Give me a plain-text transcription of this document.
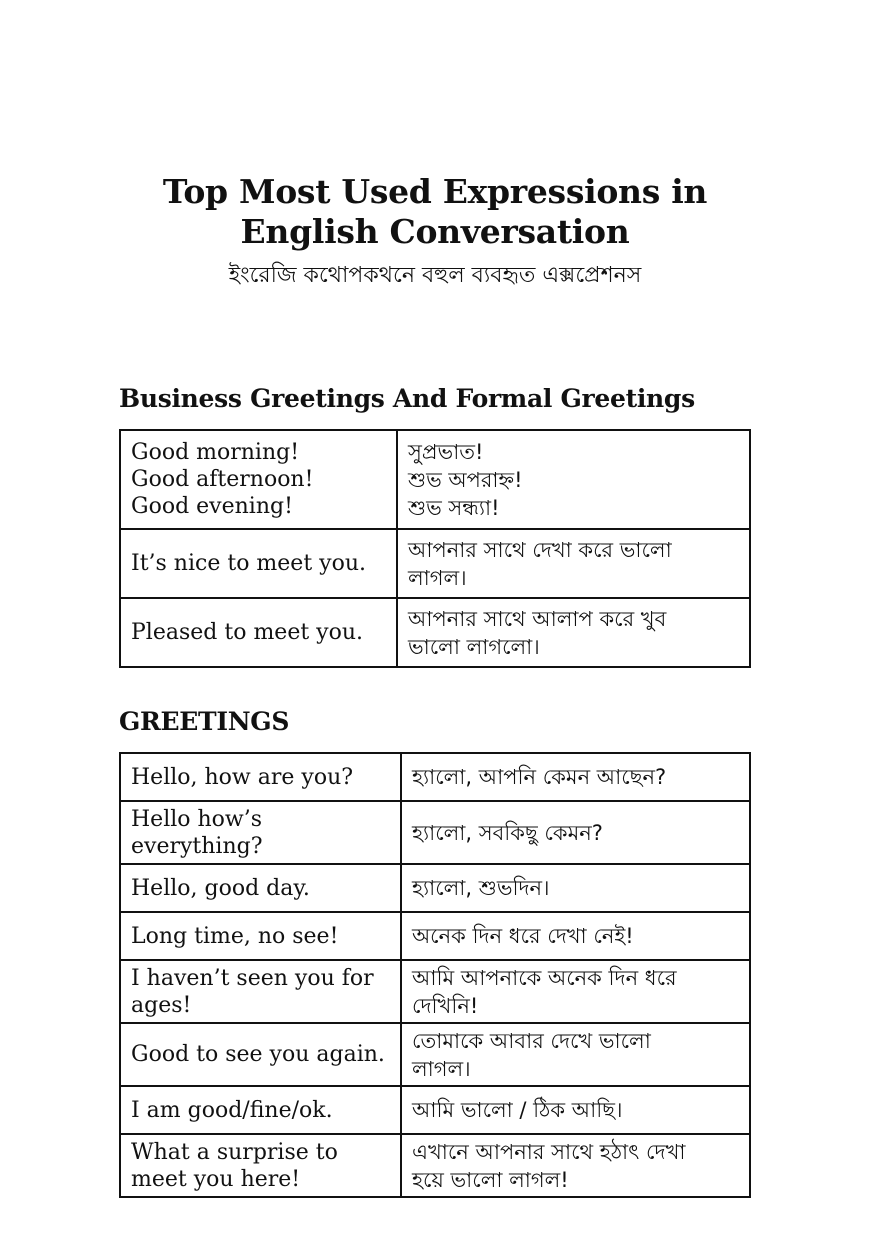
Top Most Used Expressions in
English Conversation
ইংরেজি কথোপকথনে বহুল ব্যবহৃত এক্সপ্রেশনস
Business Greetings And Formal Greetings
Good morning!
Good afternoon!
Good evening!	সুপ্রভাত!
শুভ অপরাহ্ন!
শুভ সন্ধ্যা!

It’s nice to meet you.	আপনার সাথে দেখা করে ভালো
লাগল।

Pleased to meet you.	আপনার সাথে আলাপ করে খুব
ভালো লাগলো।
GREETINGS
Hello, how are you?	হ্যালো, আপনি কেমন আছেন?

Hello how’s
everything?	হ্যালো, সবকিছু কেমন?

Hello, good day.	হ্যালো, শুভদিন।

Long time, no see!	অনেক দিন ধরে দেখা নেই!

I haven’t seen you for
ages!	আমি আপনাকে অনেক দিন ধরে
দেখিনি!

Good to see you again.	তোমাকে আবার দেখে ভালো
লাগল।

I am good/fine/ok.	আমি ভালো / ঠিক আছি।

What a surprise to
meet you here!	এখানে আপনার সাথে হঠাৎ দেখা
হয়ে ভালো লাগল!
